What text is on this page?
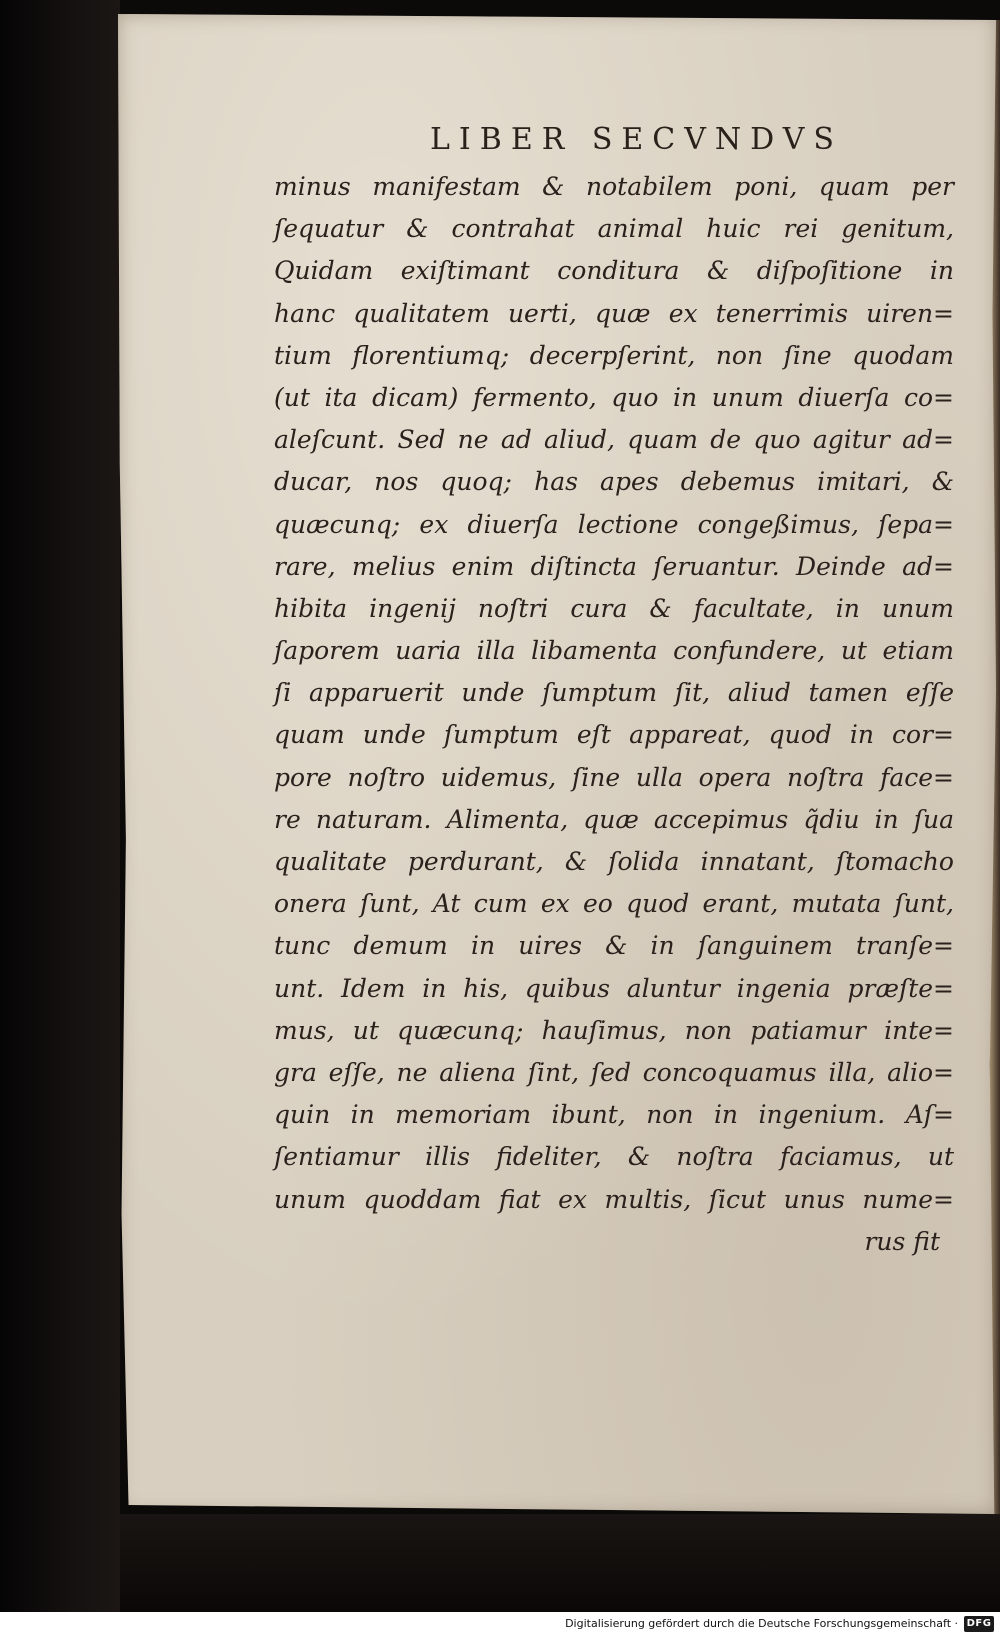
LIBER SECVNDVS
minus manifestam & notabilem poni, quam per
ſequatur & contrahat animal huic rei genitum,
Quidam exiſtimant conditura & diſpoſitione in
hanc qualitatem uerti, quæ ex tenerrimis uiren=
tium florentiumq; decerpſerint, non ſine quodam
(ut ita dicam) fermento, quo in unum diuerſa co=
aleſcunt. Sed ne ad aliud, quam de quo agitur ad=
ducar, nos quoq; has apes debemus imitari, &
quæcunq; ex diuerſa lectione congeßimus, ſepa=
rare, melius enim diſtincta ſeruantur. Deinde ad=
hibita ingenij noſtri cura & facultate, in unum
ſaporem uaria illa libamenta confundere, ut etiam
ſi apparuerit unde ſumptum ſit, aliud tamen eſſe
quam unde ſumptum eſt appareat, quod in cor=
pore noſtro uidemus, ſine ulla opera noſtra face=
re naturam. Alimenta, quæ accepimus q̃diu in ſua
qualitate perdurant, & ſolida innatant, ſtomacho
onera ſunt, At cum ex eo quod erant, mutata ſunt,
tunc demum in uires & in ſanguinem tranſe=
unt. Idem in his, quibus aluntur ingenia præſte=
mus, ut quæcunq; hauſimus, non patiamur inte=
gra eſſe, ne aliena ſint, ſed concoquamus illa, alio=
quin in memoriam ibunt, non in ingenium. Aſ=
ſentiamur illis fideliter, & noſtra faciamus, ut
unum quoddam fiat ex multis, ſicut unus nume=
rus fit
Digitalisierung gefördert durch die Deutsche Forschungsgemeinschaft · DFG
